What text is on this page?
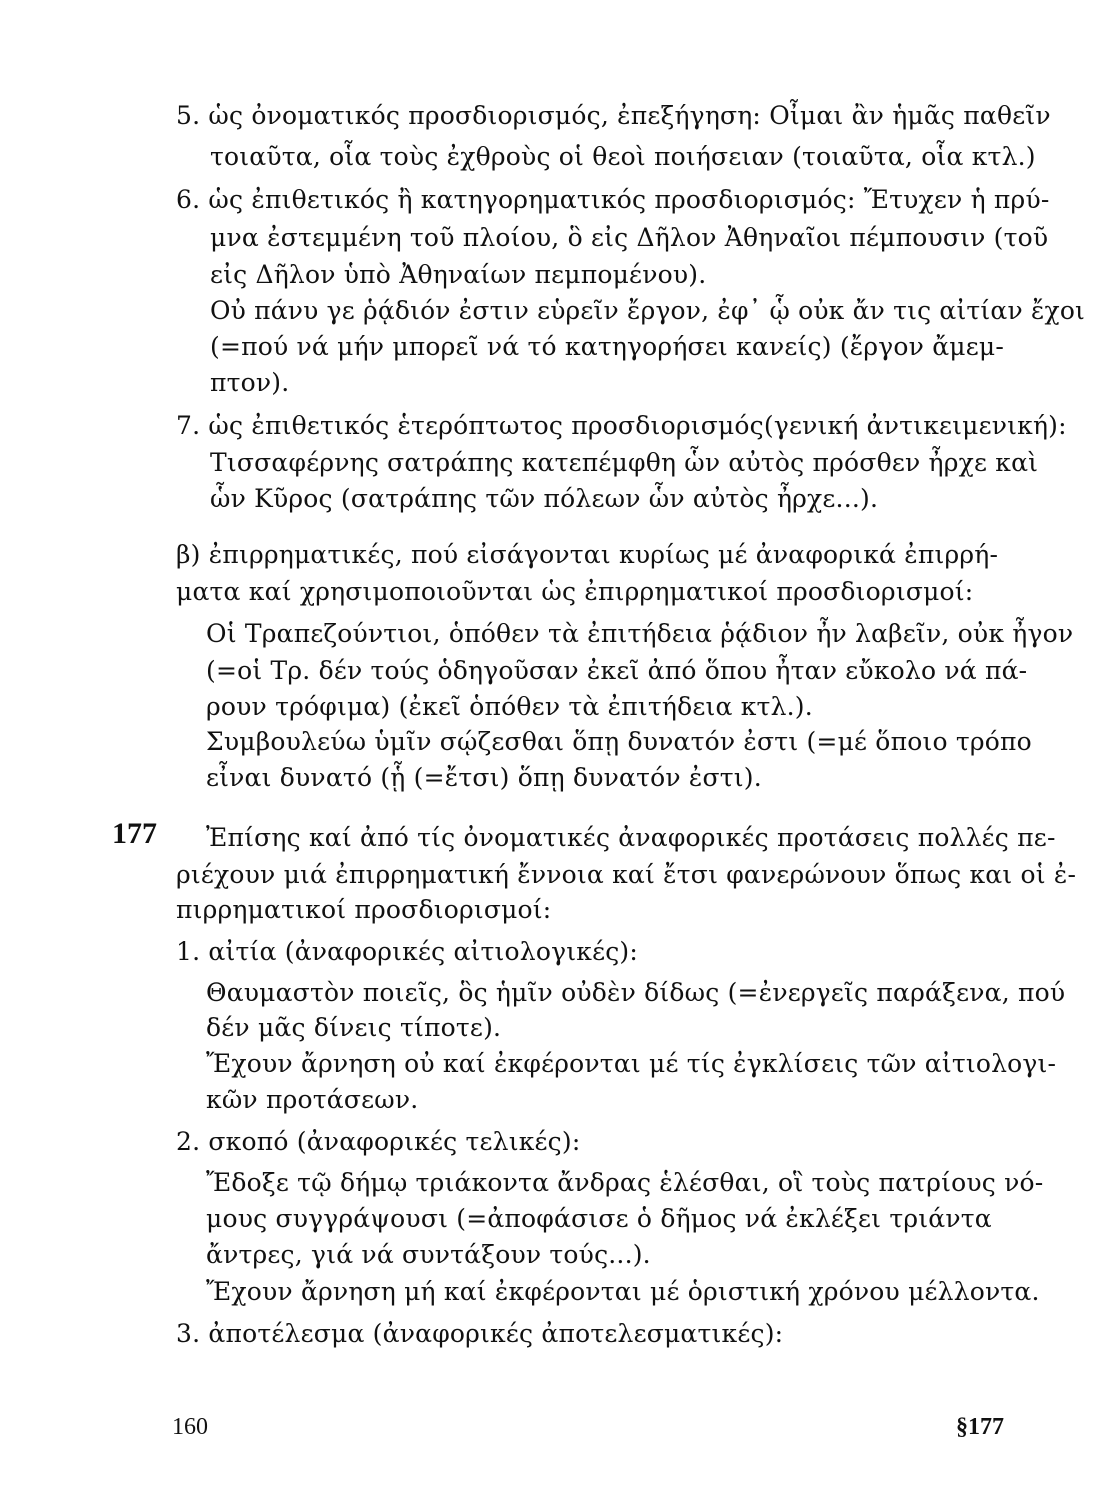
5. ὡς ὀνοματικός προσδιορισμός, ἐπεξήγηση: Οἶμαι ἂν ἡμᾶς παθεῖν
τοιαῦτα, οἷα τοὺς ἐχθροὺς οἱ θεοὶ ποιήσειαν (τοιαῦτα, οἷα κτλ.)
6. ὡς ἐπιθετικός ἢ κατηγορηματικός προσδιορισμός: Ἔτυχεν ἡ πρύ-
μνα ἐστεμμένη τοῦ πλοίου, ὃ εἰς Δῆλον Ἀθηναῖοι πέμπουσιν (τοῦ
εἰς Δῆλον ὑπὸ Ἀθηναίων πεμπομένου).
Οὐ πάνυ γε ῥᾴδιόν ἐστιν εὑρεῖν ἔργον, ἐφ᾽ ᾧ οὐκ ἄν τις αἰτίαν ἔχοι
(=πού νά μήν μπορεῖ νά τό κατηγορήσει κανείς) (ἔργον ἄμεμ-
πτον).
7. ὡς ἐπιθετικός ἑτερόπτωτος προσδιορισμός(γενική ἀντικειμενική):
Τισσαφέρνης σατράπης κατεπέμφθη ὧν αὐτὸς πρόσθεν ἦρχε καὶ
ὧν Κῦρος (σατράπης τῶν πόλεων ὧν αὐτὸς ἦρχε...).
β) ἐπιρρηματικές, πού εἰσάγονται κυρίως μέ ἀναφορικά ἐπιρρή-
ματα καί χρησιμοποιοῦνται ὡς ἐπιρρηματικοί προσδιορισμοί:
Οἱ Τραπεζούντιοι, ὁπόθεν τὰ ἐπιτήδεια ῥᾴδιον ἦν λαβεῖν, οὐκ ἦγον
(=οἱ Τρ. δέν τούς ὁδηγοῦσαν ἐκεῖ ἀπό ὅπου ἦταν εὔκολο νά πά-
ρουν τρόφιμα) (ἐκεῖ ὁπόθεν τὰ ἐπιτήδεια κτλ.).
Συμβουλεύω ὑμῖν σῴζεσθαι ὅπῃ δυνατόν ἐστι (=μέ ὅποιο τρόπο
εἶναι δυνατό (ᾗ (=ἔτσι) ὅπῃ δυνατόν ἐστι).
177 Ἐπίσης καί ἀπό τίς ὀνοματικές ἀναφορικές προτάσεις πολλές πε-
ριέχουν μιά ἐπιρρηματική ἔννοια καί ἔτσι φανερώνουν ὅπως και οἱ ἐ-
πιρρηματικοί προσδιορισμοί:
1. αἰτία (ἀναφορικές αἰτιολογικές):
Θαυμαστὸν ποιεῖς, ὃς ἡμῖν οὐδὲν δίδως (=ἐνεργεῖς παράξενα, πού
δέν μᾶς δίνεις τίποτε).
Ἔχουν ἄρνηση οὐ καί ἐκφέρονται μέ τίς ἐγκλίσεις τῶν αἰτιολογι-
κῶν προτάσεων.
2. σκοπό (ἀναφορικές τελικές):
Ἔδοξε τῷ δήμῳ τριάκοντα ἄνδρας ἑλέσθαι, οἳ τοὺς πατρίους νό-
μους συγγράψουσι (=ἀποφάσισε ὁ δῆμος νά ἐκλέξει τριάντα
ἄντρες, γιά νά συντάξουν τούς...).
Ἔχουν ἄρνηση μή καί ἐκφέρονται μέ ὁριστική χρόνου μέλλοντα.
3. ἀποτέλεσμα (ἀναφορικές ἀποτελεσματικές):
160	§177
